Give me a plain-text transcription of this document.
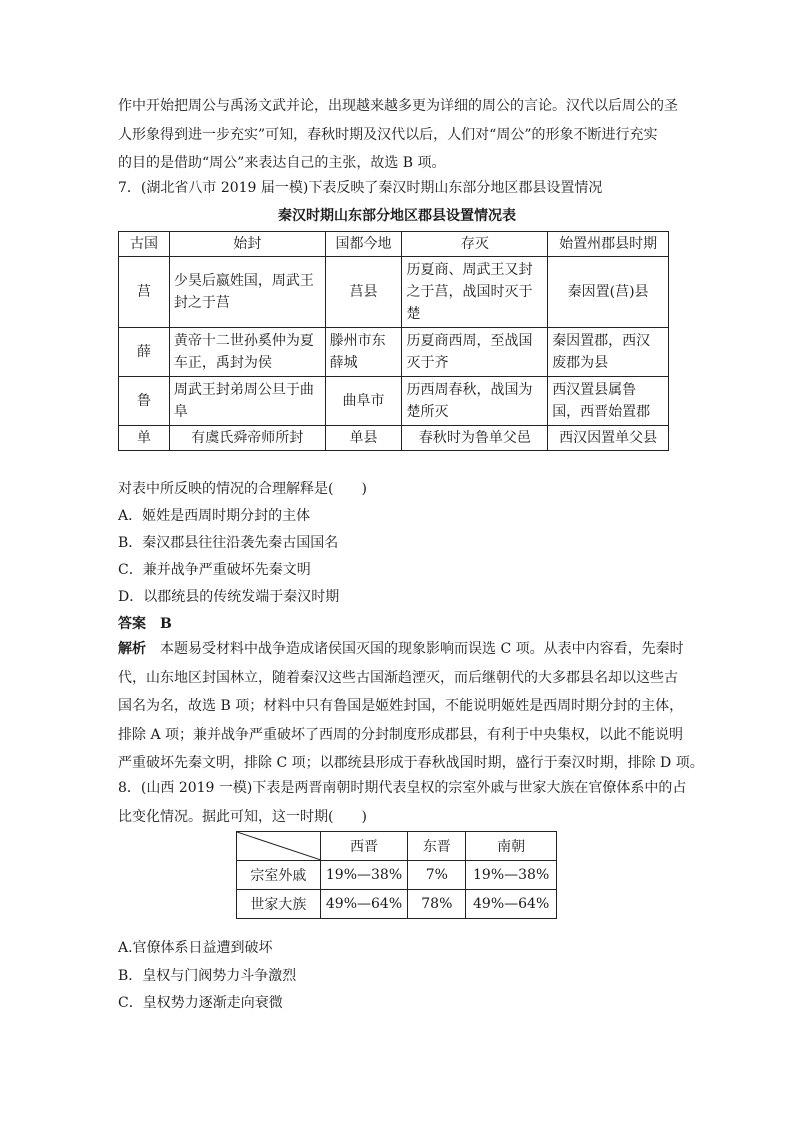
作中开始把周公与禹汤文武并论，出现越来越多更为详细的周公的言论。汉代以后周公的圣

人形象得到进一步充实”可知，春秋时期及汉代以后，人们对“周公”的形象不断进行充实

的目的是借助“周公”来表达自己的主张，故选 B 项。

7．(湖北省八市 2019 届一模)下表反映了秦汉时期山东部分地区郡县设置情况
秦汉时期山东部分地区郡县设置情况表
古国	始封	国都今地	存灭	始置州郡县时期
莒	少昊后嬴姓国，周武王封之于莒	莒县	历夏商、周武王又封之于莒，战国时灭于楚	秦因置(莒)县
薛	黄帝十二世孙奚仲为夏车正，禹封为侯	滕州市东薛城	历夏商西周，至战国灭于齐	秦因置郡，西汉废郡为县
鲁	周武王封弟周公旦于曲阜	曲阜市	历西周春秋，战国为楚所灭	西汉置县属鲁国，西晋始置郡
单	有虞氏舜帝师所封	单县	春秋时为鲁单父邑	西汉因置单父县
对表中所反映的情况的合理解释是(　　)
A．姬姓是西周时期分封的主体
B．秦汉郡县往往沿袭先秦古国国名
C．兼并战争严重破坏先秦文明
D．以郡统县的传统发端于秦汉时期
答案　 B

解析　 本题易受材料中战争造成诸侯国灭国的现象影响而误选 C 项。从表中内容看，先秦时

代，山东地区封国林立，随着秦汉这些古国渐趋湮灭，而后继朝代的大多郡县名却以这些古

国名为名，故选 B 项；材料中只有鲁国是姬姓封国，不能说明姬姓是西周时期分封的主体，

排除 A 项；兼并战争严重破坏了西周的分封制度形成郡县，有利于中央集权，以此不能说明

严重破坏先秦文明，排除 C 项；以郡统县形成于春秋战国时期，盛行于秦汉时期，排除 D 项。

8．(山西 2019 一模)下表是两晋南朝时期代表皇权的宗室外戚与世家大族在官僚体系中的占

比变化情况。据此可知，这一时期(　　)

	西晋	东晋	南朝
宗室外戚	19%—38%	7%	19%—38%
世家大族	49%—64%	78%	49%—64%
A.官僚体系日益遭到破坏
B．皇权与门阀势力斗争激烈
C．皇权势力逐渐走向衰微
